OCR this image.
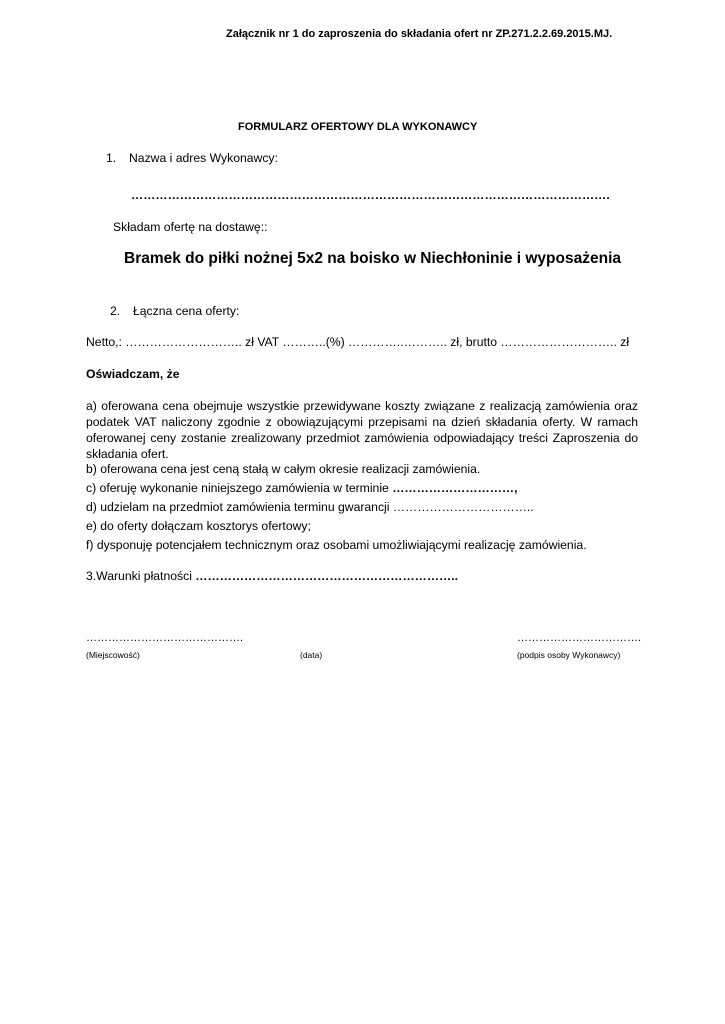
Załącznik nr 1 do zaproszenia do składania ofert nr ZP.271.2.2.69.2015.MJ.
FORMULARZ OFERTOWY DLA WYKONAWCY
1. Nazwa i adres Wykonawcy:
……………………………………………………………………………………………………….
Składam ofertę na dostawę::
Bramek do piłki nożnej 5x2 na boisko w Niechłoninie i wyposażenia
2. Łączna cena oferty:
Netto,: ……………………….. zł VAT ………..(%) …………..……….. zł, brutto ……………………….. zł
Oświadczam, że
a) oferowana cena obejmuje wszystkie przewidywane koszty związane z realizacją zamówienia oraz podatek VAT naliczony zgodnie z obowiązującymi przepisami na dzień składania oferty. W ramach oferowanej ceny zostanie zrealizowany przedmiot zamówienia odpowiadający treści Zaproszenia do składania ofert.
b) oferowana cena jest ceną stałą w całym okresie realizacji zamówienia.
c) oferuję wykonanie niniejszego zamówienia w terminie …………………………,
d) udzielam na przedmiot zamówienia terminu gwarancji ……………………………..
e) do oferty dołączam kosztorys ofertowy;
f) dysponuję potencjałem technicznym oraz osobami umożliwiającymi realizację zamówienia.
3.Warunki płatności ………………………………………………………..
…………………………………….	…………………………….
(Miejscowość)	(data)	(podpis osoby Wykonawcy)
